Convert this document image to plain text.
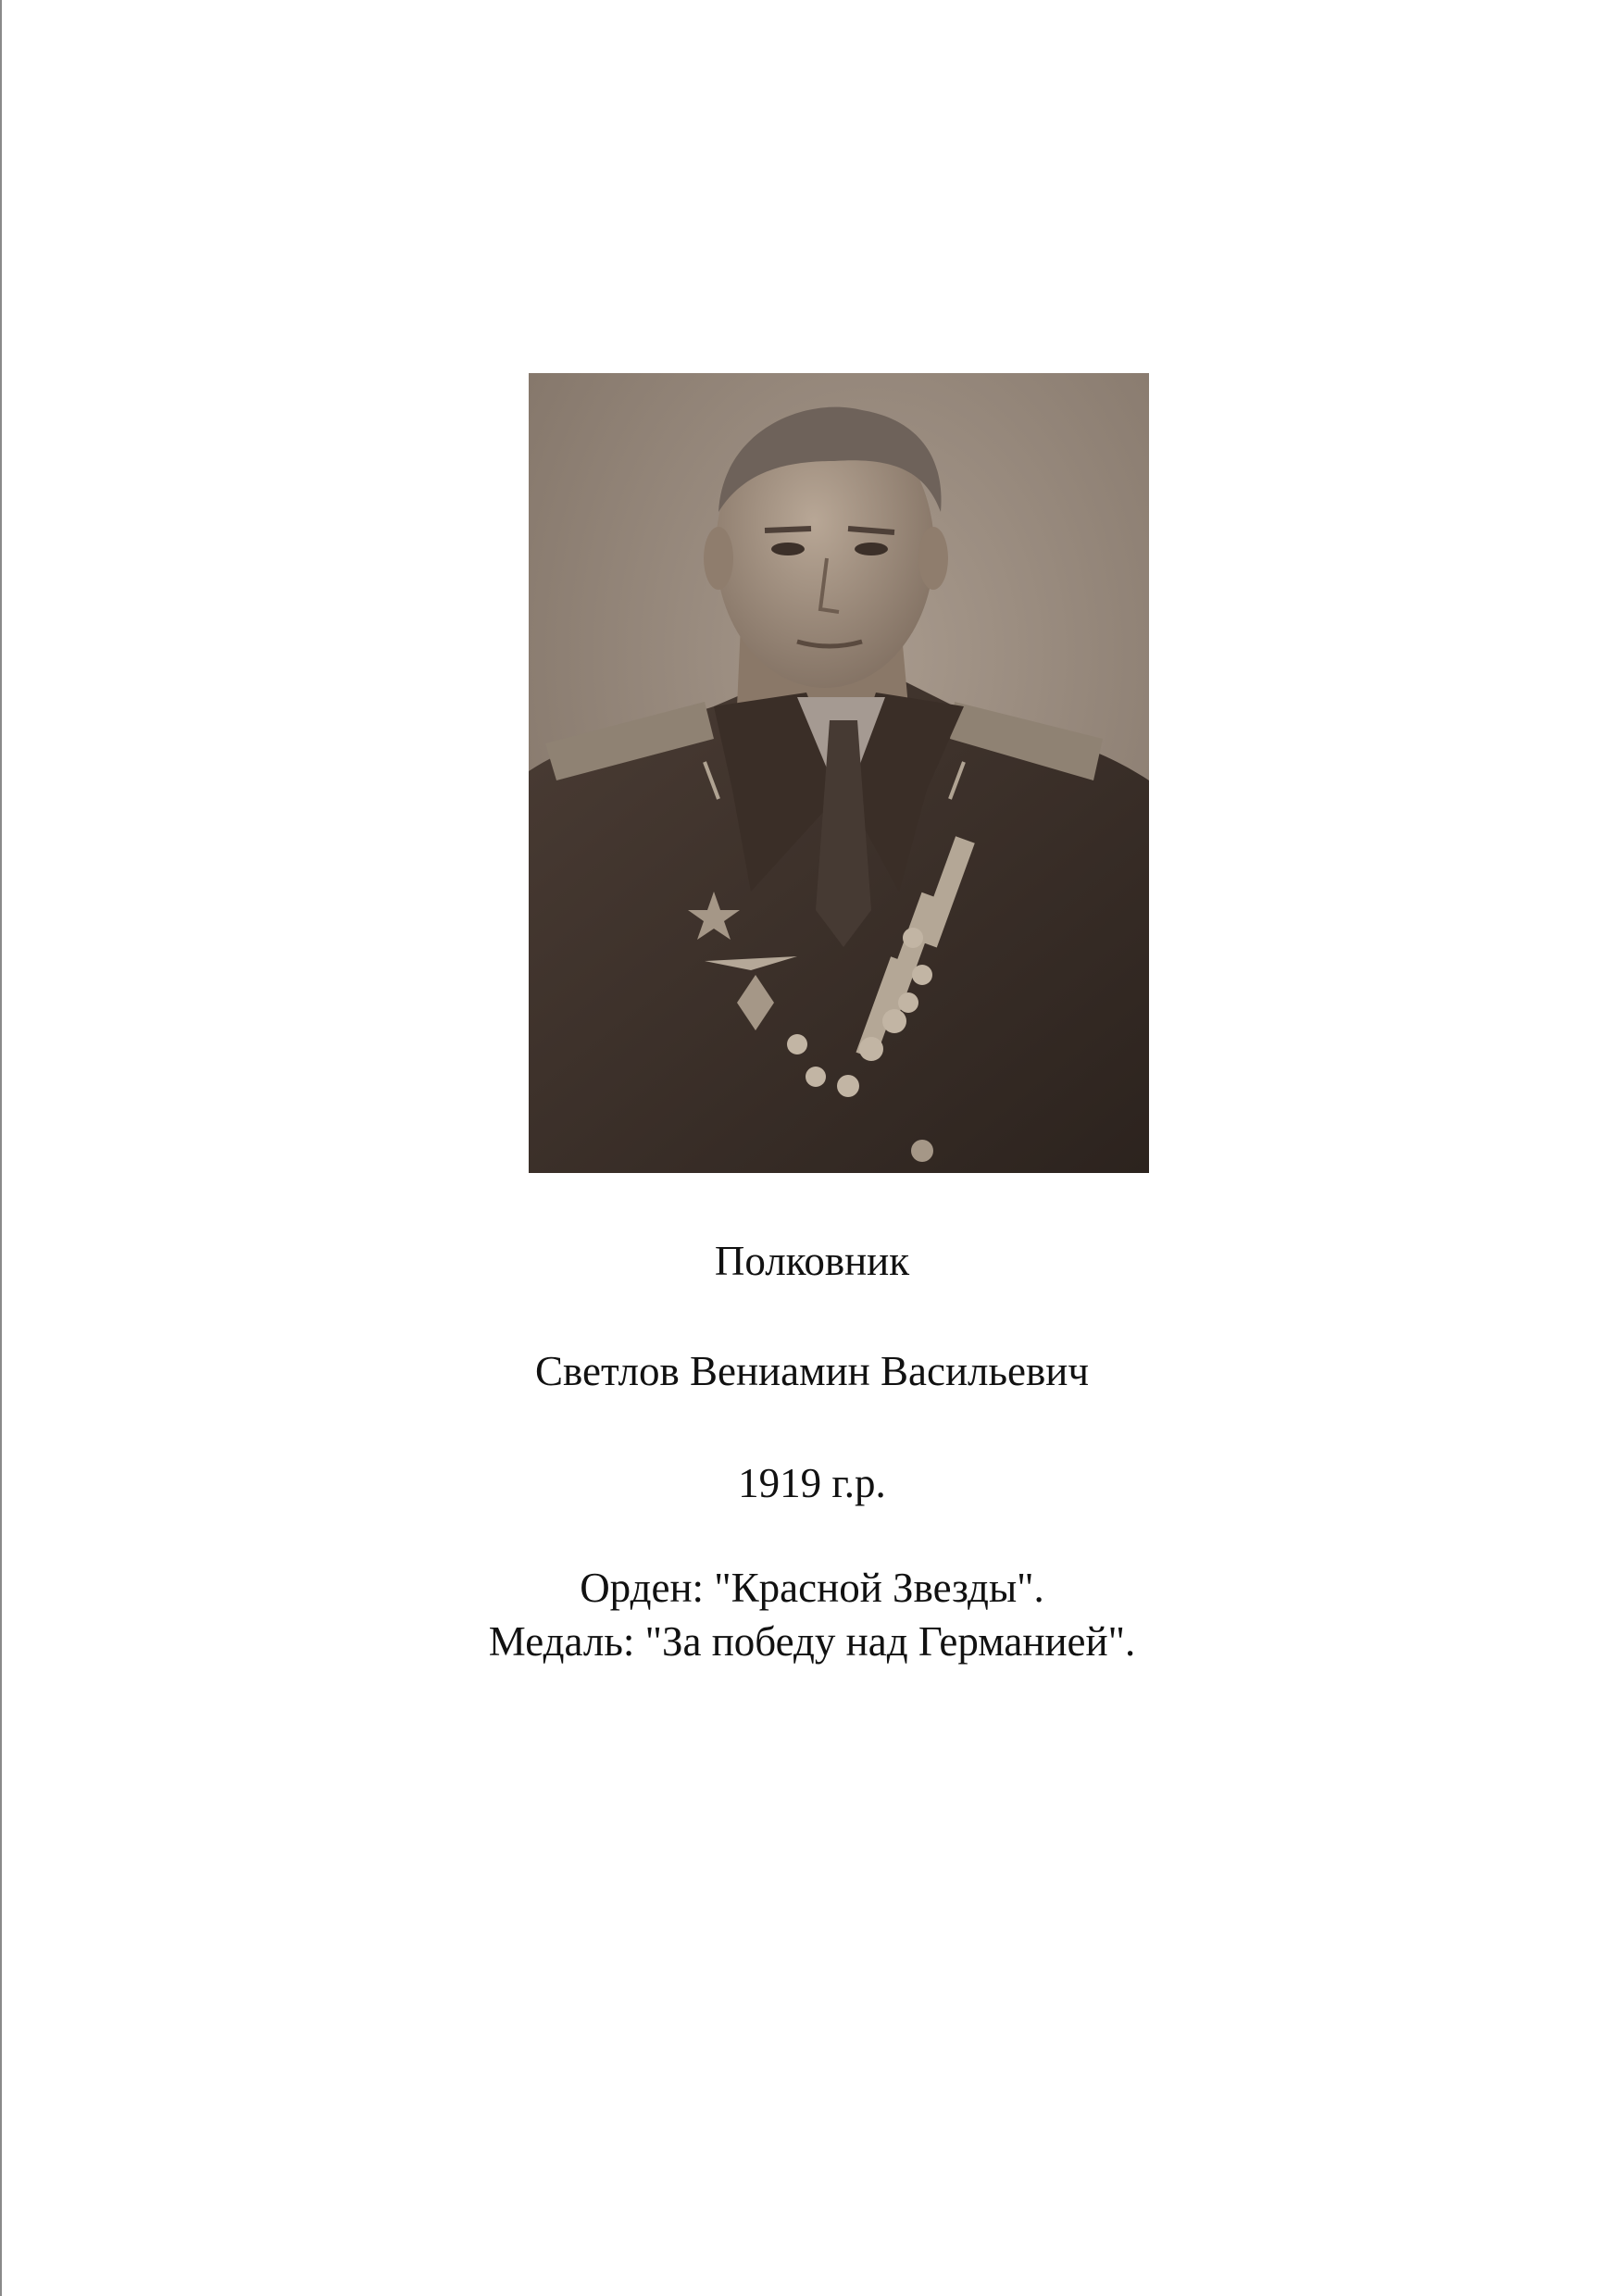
Полковник
Светлов Вениамин Васильевич
1919 г.р.
Орден: "Красной Звезды".
Медаль: "За победу над Германией".
